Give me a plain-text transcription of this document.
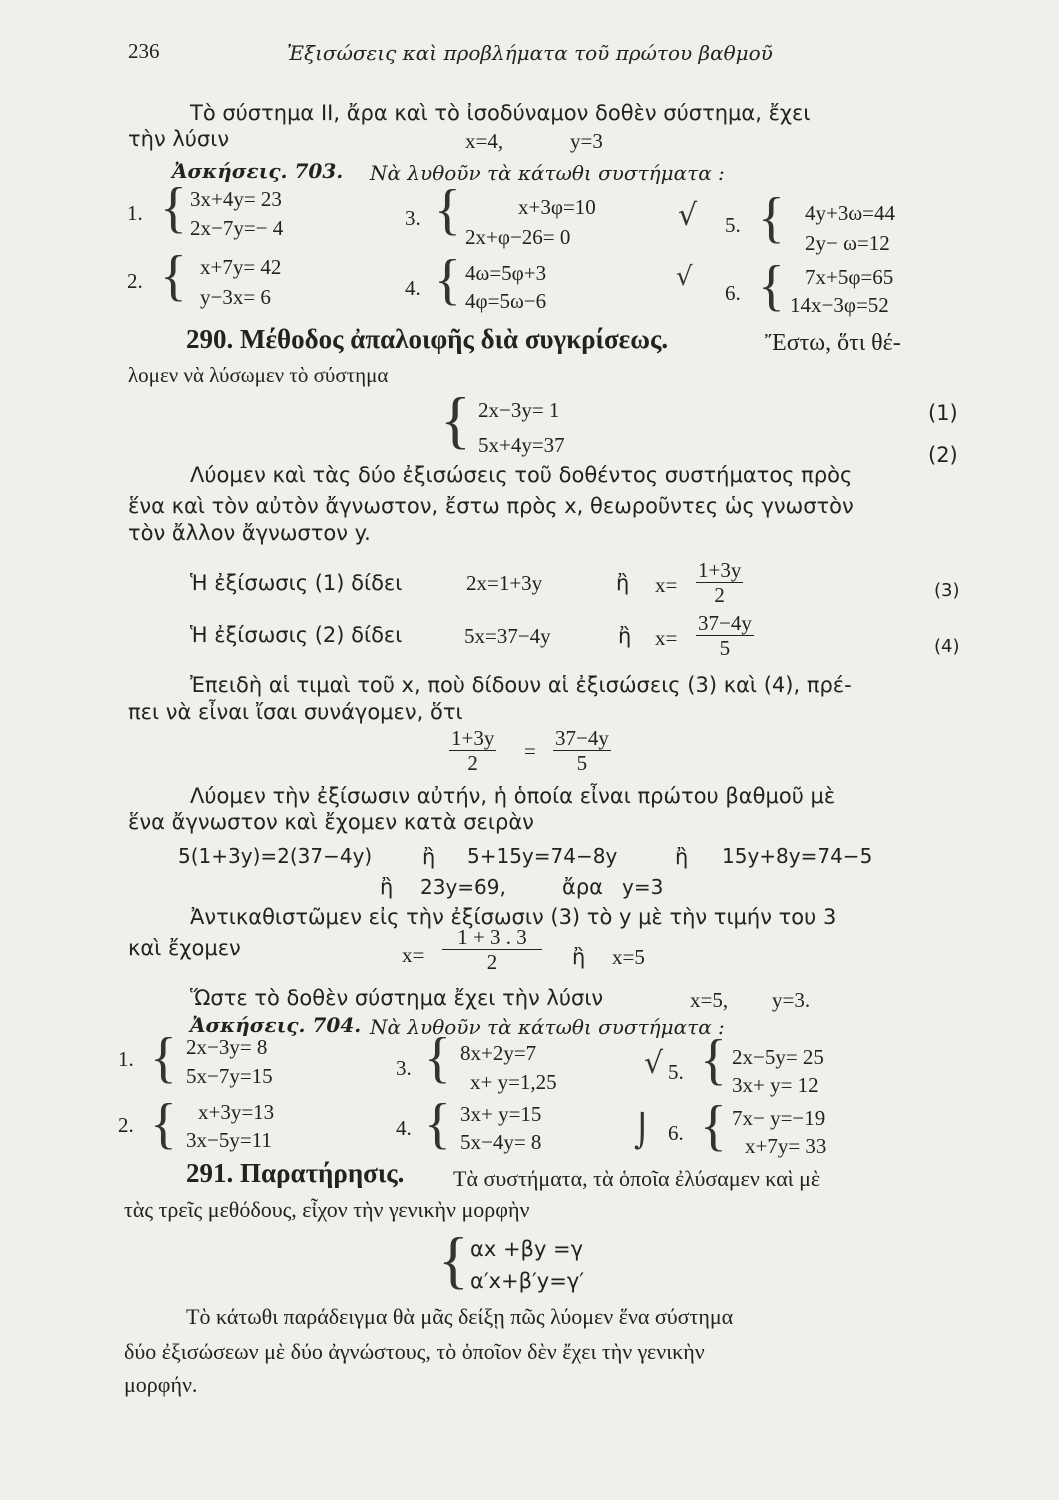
236	Ἐξισώσεις καὶ προβλήματα τοῦ πρώτου βαθμοῦ
Τὸ σύστημα ΙΙ, ἄρα καὶ τὸ ἰσοδύναμον δοθὲν σύστημα, ἔχει
τὴν λύσιν	x=4,	y=3
Ἀσκήσεις. 703. Νὰ λυθοῦν τὰ κάτωθι συστήματα :
1. { 3x+4y= 23
2x−7y=− 4
2. { x+7y= 42
y−3x= 6
3. {	x+3φ=10
2x+φ−26= 0
4. { 4ω=5φ+3
4φ=5ω−6
√
√
5. { 4y+3ω=44
2y− ω=12
6. { 7x+5φ=65
14x−3φ=52
290. Μέθοδος ἀπαλοιφῆς διὰ συγκρίσεως.	Ἔστω, ὅτι θέ-
λομεν νὰ λύσωμεν τὸ σύστημα
{ 2x−3y= 1	(1)
5x+4y=37	(2)
Λύομεν καὶ τὰς δύο ἐξισώσεις τοῦ δοθέντος συστήματος πρὸς
ἕνα καὶ τὸν αὐτὸν ἄγνωστον, ἔστω πρὸς x, θεωροῦντες ὡς γνωστὸν
τὸν ἄλλον ἄγνωστον y.
Ἡ ἐξίσωσις (1) δίδει	2x=1+3y	ἢ $x= \frac{1+3y}{2}$	(3)
Ἡ ἐξίσωσις (2) δίδει	5x=37−4y	ἢ $x= \frac{37-4y}{5}$	(4)
Ἐπειδὴ αἱ τιμαὶ τοῦ x, ποὺ δίδουν αἱ ἐξισώσεις (3) καὶ (4), πρέ-
πει νὰ εἶναι ἴσαι συνάγομεν, ὅτι
$\frac{1+3y}{2} = \frac{37-4y}{5}$
Λύομεν τὴν ἐξίσωσιν αὐτήν, ἡ ὁποία εἶναι πρώτου βαθμοῦ μὲ
ἕνα ἄγνωστον καὶ ἔχομεν κατὰ σειρὰν
5(1+3y)=2(37−4y) ἢ 5+15y=74−8y	ἢ 15y+8y=74−5
ἢ 23y=69,	ἄρα y=3
Ἀντικαθιστῶμεν εἰς τὴν ἐξίσωσιν (3) τὸ y μὲ τὴν τιμήν του 3
καὶ ἔχομεν	$x= \frac{1 + 3 . 3}{2}$ ἢ x=5
Ὥστε τὸ δοθὲν σύστημα ἔχει τὴν λύσιν	x=5, y=3.
Ἀσκήσεις. 704. Νὰ λυθοῦν τὰ κάτωθι συστήματα :
1. { 2x−3y= 8
5x−7y=15
2. { x+3y=13
3x−5y=11
3. { 8x+2y=7
x+ y=1,25
4. { 3x+ y=15
5x−4y= 8
√
⌡
5. { 2x−5y= 25
3x+ y= 12
6. { 7x− y=−19
x+7y= 33
291. Παρατήρησις. Τὰ συστήματα, τὰ ὁποῖα ἐλύσαμεν καὶ μὲ
τὰς τρεῖς μεθόδους, εἶχον τὴν γενικὴν μορφὴν
{ αx +βy =γ
α′x+β′y=γ′
Τὸ κάτωθι παράδειγμα θὰ μᾶς δείξῃ πῶς λύομεν ἕνα σύστημα
δύο ἐξισώσεων μὲ δύο ἀγνώστους, τὸ ὁποῖον δὲν ἔχει τὴν γενικὴν
μορφήν.
